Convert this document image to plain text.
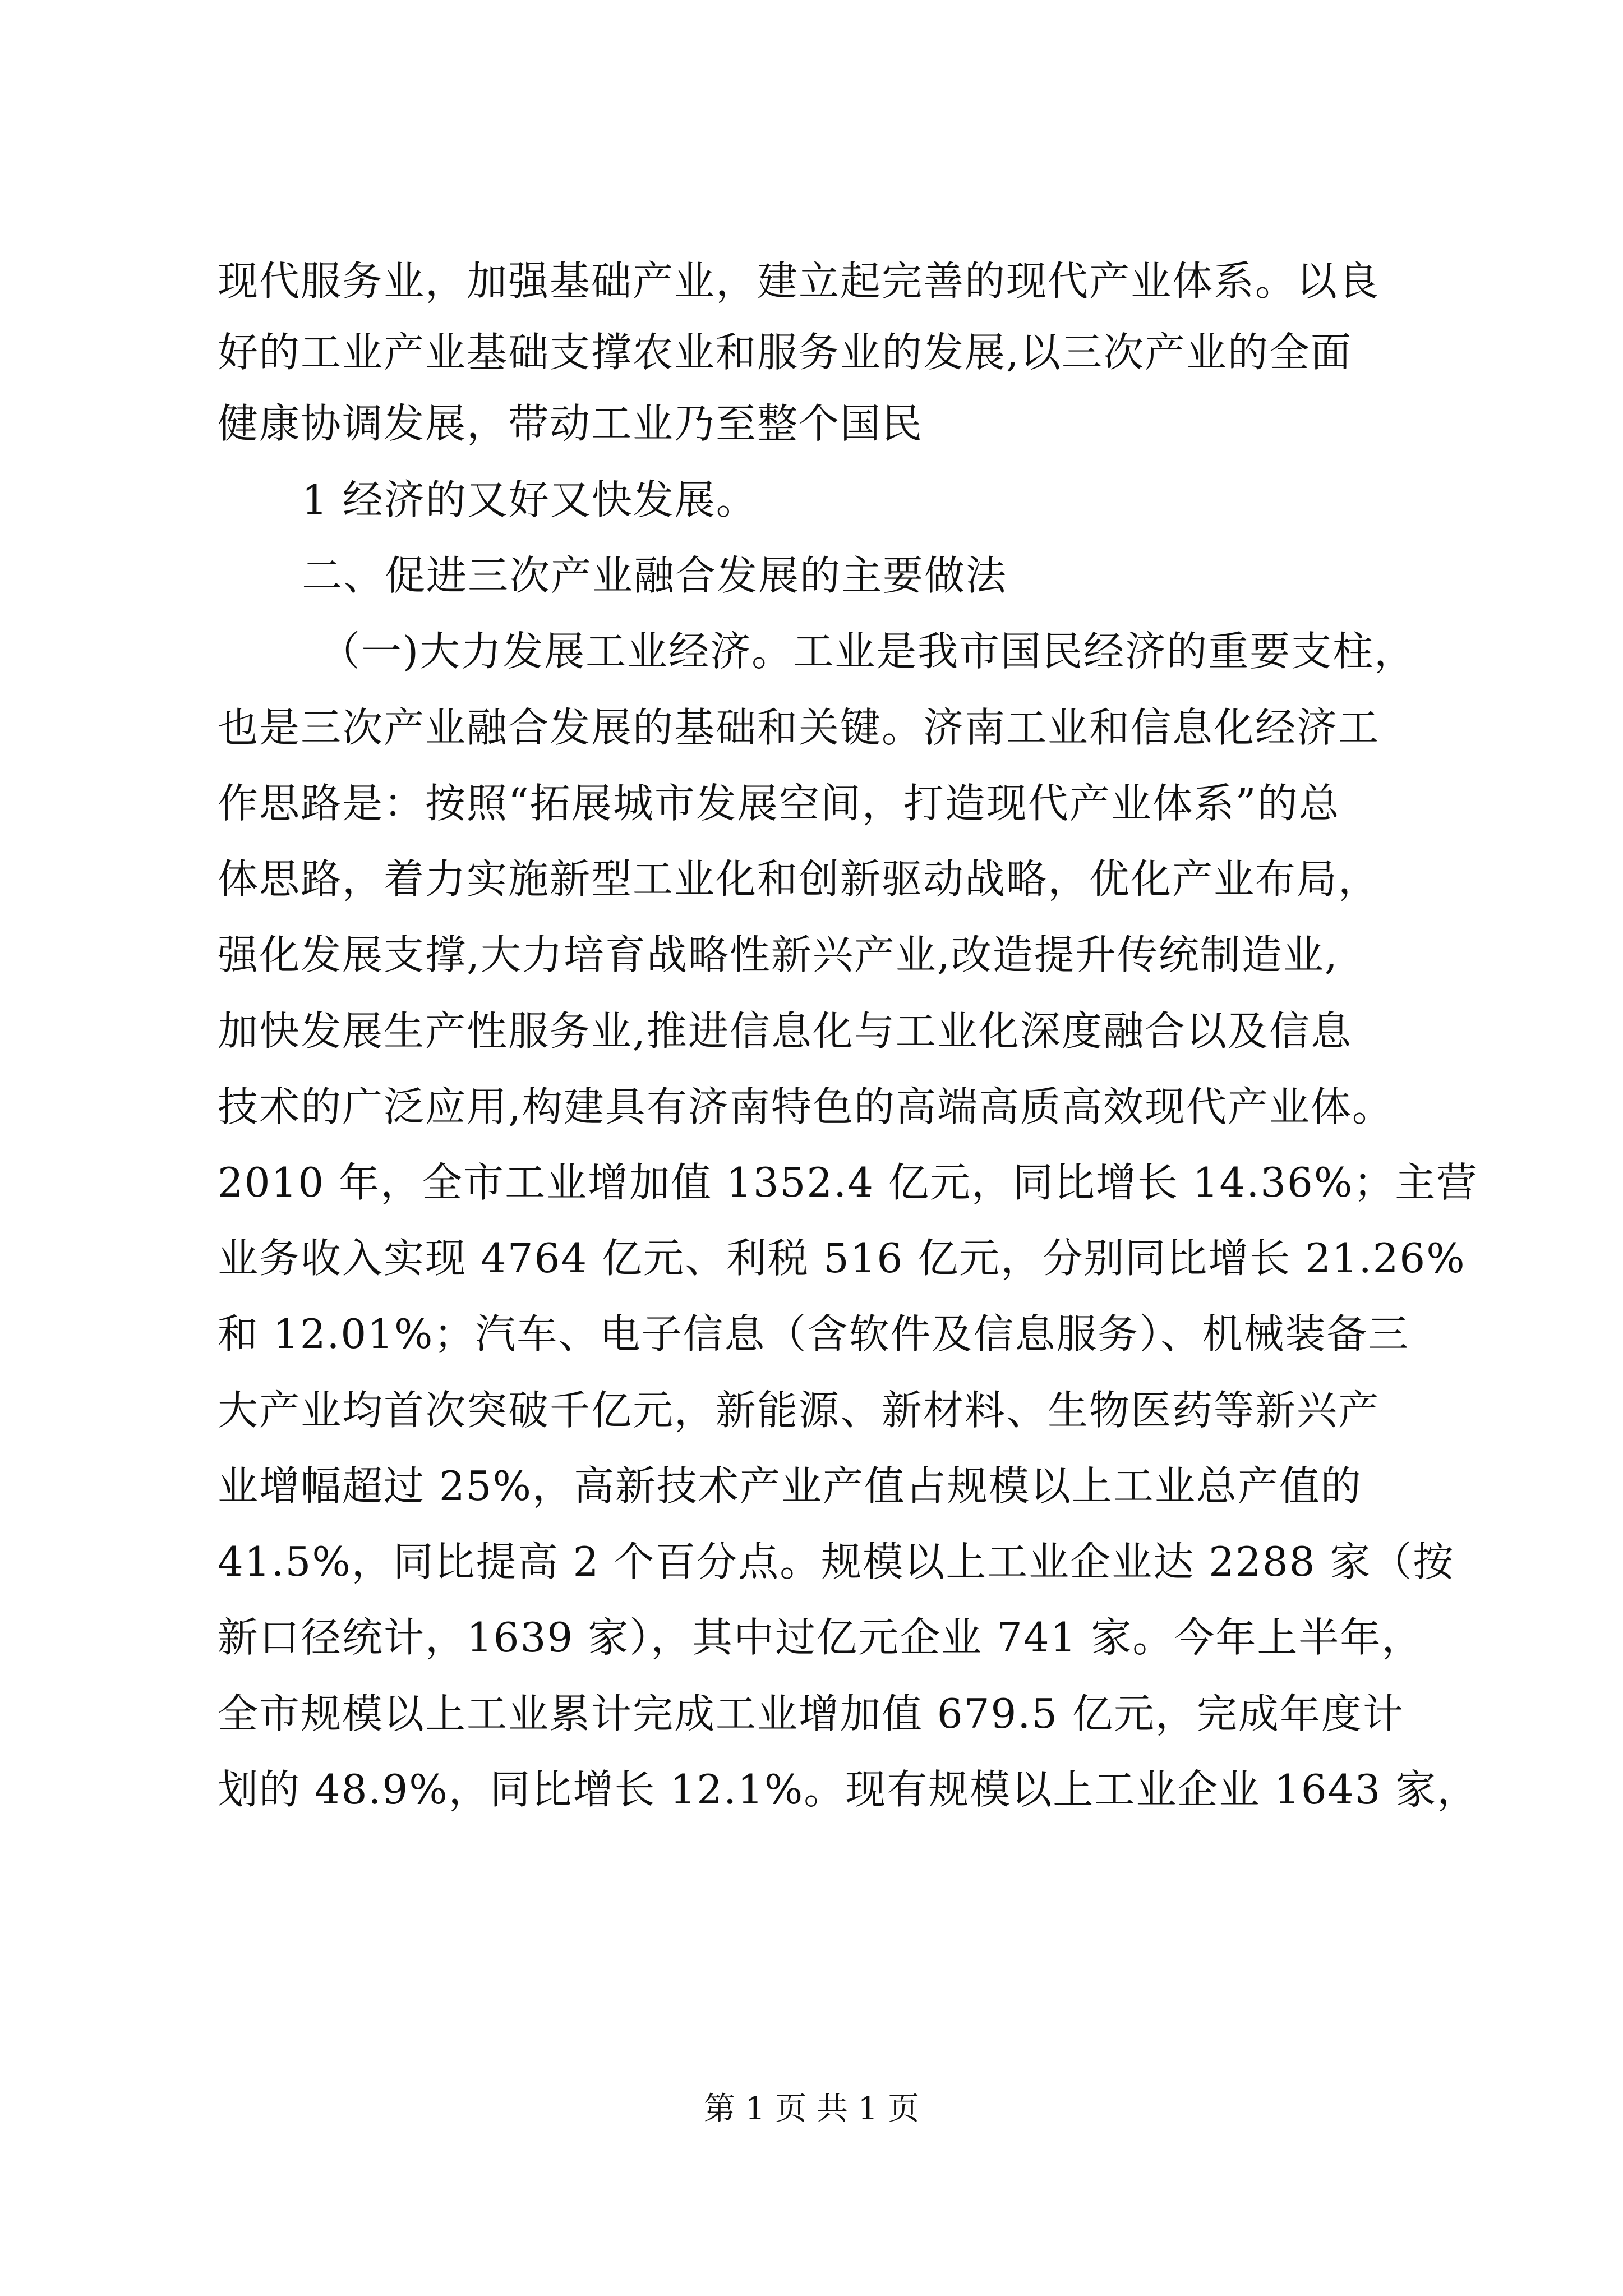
现代服务业，加强基础产业，建立起完善的现代产业体系。以良
好的工业产业基础支撑农业和服务业的发展,以三次产业的全面
健康协调发展，带动工业乃至整个国民
1 经济的又好又快发展。
二、促进三次产业融合发展的主要做法
（一)大力发展工业经济。工业是我市国民经济的重要支柱，
也是三次产业融合发展的基础和关键。济南工业和信息化经济工
作思路是：按照“拓展城市发展空间，打造现代产业体系”的总
体思路，着力实施新型工业化和创新驱动战略，优化产业布局，
强化发展支撑,大力培育战略性新兴产业,改造提升传统制造业,
加快发展生产性服务业,推进信息化与工业化深度融合以及信息
技术的广泛应用,构建具有济南特色的高端高质高效现代产业体。
2010 年，全市工业增加值 1352.4 亿元，同比增长 14.36%；主营
业务收入实现 4764 亿元、利税 516 亿元，分别同比增长 21.26%
和 12.01%；汽车、电子信息（含软件及信息服务）、机械装备三
大产业均首次突破千亿元，新能源、新材料、生物医药等新兴产
业增幅超过 25%，高新技术产业产值占规模以上工业总产值的
41.5%，同比提高 2 个百分点。规模以上工业企业达 2288 家（按
新口径统计，1639 家），其中过亿元企业 741 家。今年上半年，
全市规模以上工业累计完成工业增加值 679.5 亿元，完成年度计
划的 48.9%，同比增长 12.1%。现有规模以上工业企业 1643 家，
第 1 页 共 1 页
